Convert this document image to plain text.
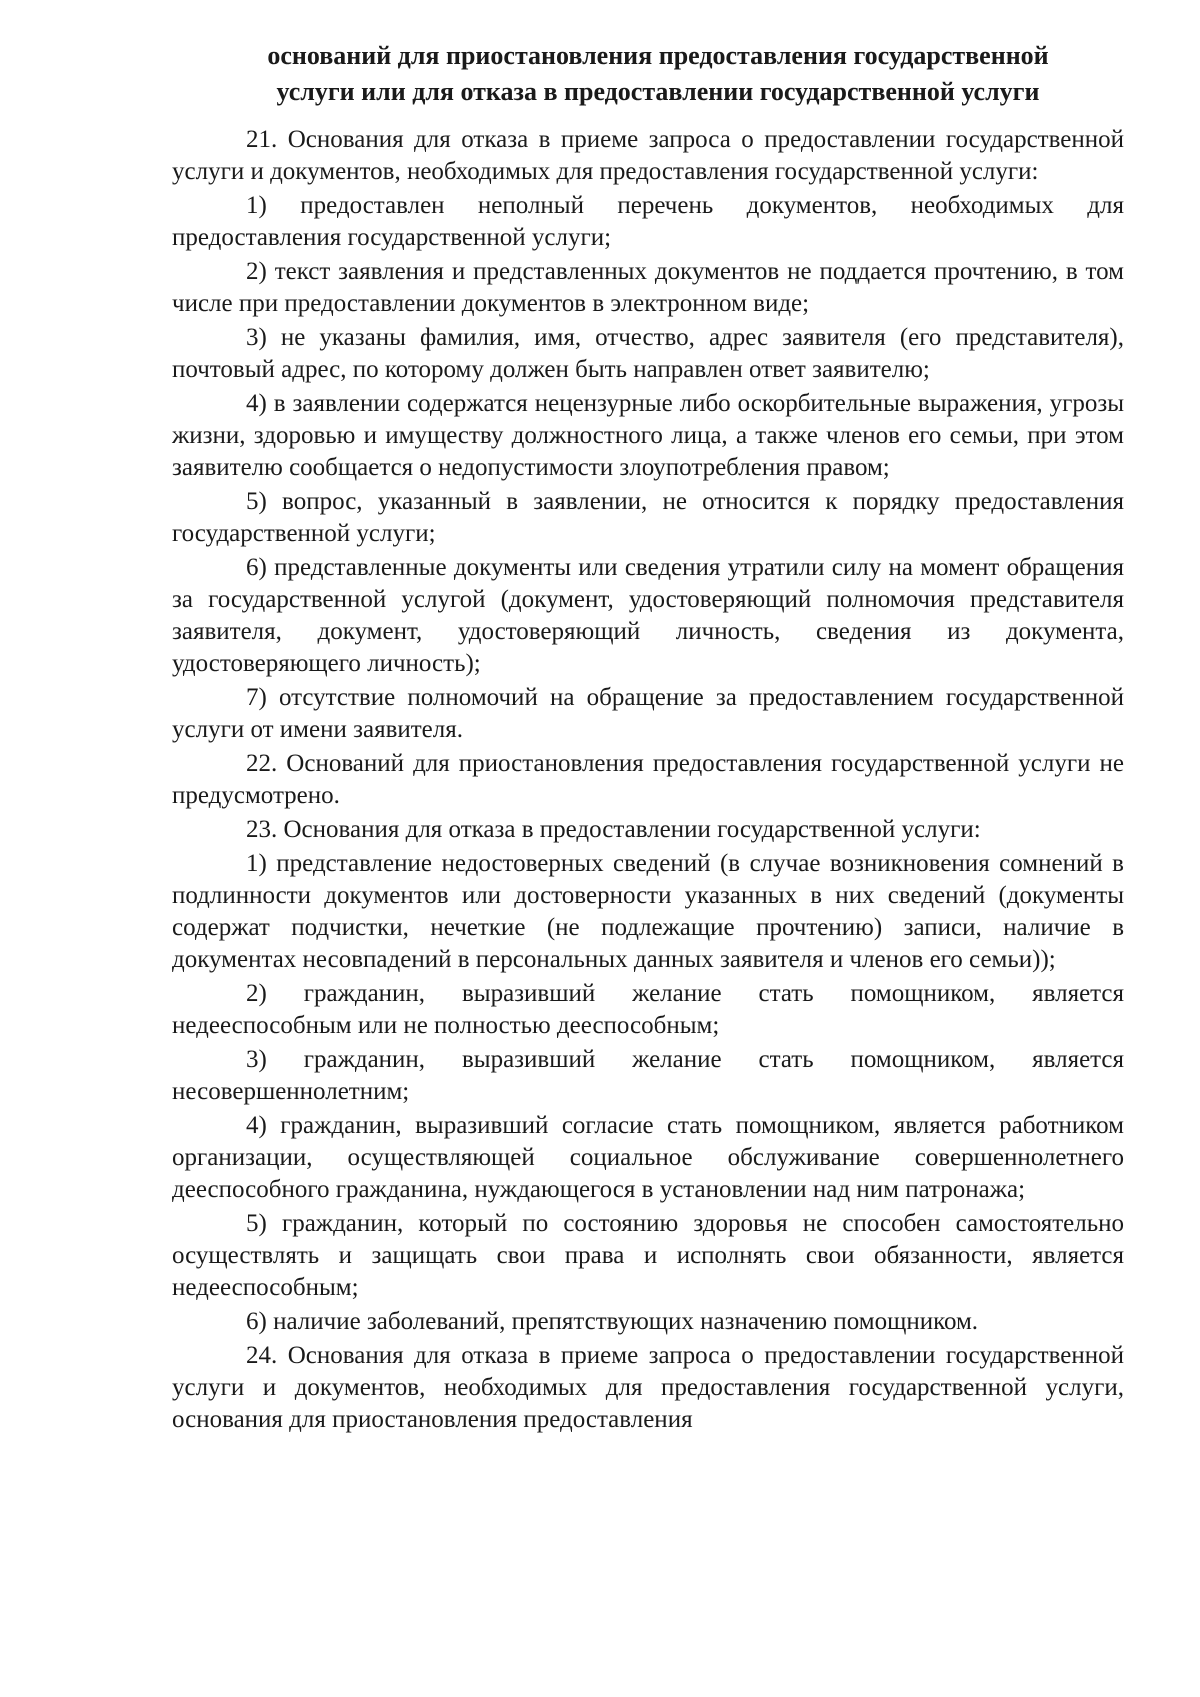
оснований для приостановления предоставления государственной
услуги или для отказа в предоставлении государственной услуги

21. Основания для отказа в приеме запроса о предоставлении государственной услуги и документов, необходимых для предоставления государственной услуги:

1) предоставлен неполный перечень документов, необходимых для предоставления государственной услуги;

2) текст заявления и представленных документов не поддается прочтению, в том числе при предоставлении документов в электронном виде;

3) не указаны фамилия, имя, отчество, адрес заявителя (его представителя), почтовый адрес, по которому должен быть направлен ответ заявителю;

4) в заявлении содержатся нецензурные либо оскорбительные выражения, угрозы жизни, здоровью и имуществу должностного лица, а также членов его семьи, при этом заявителю сообщается о недопустимости злоупотребления правом;

5) вопрос, указанный в заявлении, не относится к порядку предоставления государственной услуги;

6) представленные документы или сведения утратили силу на момент обращения за государственной услугой (документ, удостоверяющий полномочия представителя заявителя, документ, удостоверяющий личность, сведения из документа, удостоверяющего личность);

7) отсутствие полномочий на обращение за предоставлением государственной услуги от имени заявителя.

22. Оснований для приостановления предоставления государственной услуги не предусмотрено.

23. Основания для отказа в предоставлении государственной услуги:

1) представление недостоверных сведений (в случае возникновения сомнений в подлинности документов или достоверности указанных в них сведений (документы содержат подчистки, нечеткие (не подлежащие прочтению) записи, наличие в документах несовпадений в персональных данных заявителя и членов его семьи));

2) гражданин, выразивший желание стать помощником, является недееспособным или не полностью дееспособным;

3) гражданин, выразивший желание стать помощником, является несовершеннолетним;

4) гражданин, выразивший согласие стать помощником, является работником организации, осуществляющей социальное обслуживание совершеннолетнего дееспособного гражданина, нуждающегося в установлении над ним патронажа;

5) гражданин, который по состоянию здоровья не способен самостоятельно осуществлять и защищать свои права и исполнять свои обязанности, является недееспособным;

6) наличие заболеваний, препятствующих назначению помощником.

24. Основания для отказа в приеме запроса о предоставлении государственной услуги и документов, необходимых для предоставления государственной услуги, основания для приостановления предоставления
